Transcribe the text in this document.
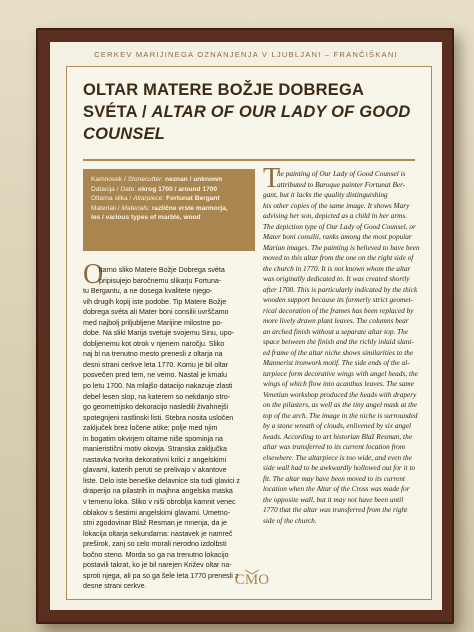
CERKEV MARIJINEGA OZNANJENJA V LJUBLJANI – FRANČIŠKANI
OLTAR MATERE BOŽJE DOBREGA
SVÉTA / ALTAR OF OUR LADY OF GOOD
COUNSEL
Kamnosek / Stonecutter: neznan / unknown
Datacija / Date: okrog 1700 / around 1700
Oltarna slika / Altarpiece: Fortunat Bergant
Materiali / Materials: različne vrste marmorja,
les / various types of marble, wood
O
ltarno sliko Matere Božje Dobrega svéta
pripisujejo baročnemu slikarju Fortuna-
tu Bergantu, a ne dosega kvalitete njego-
vih drugih kopij iste podobe. Tip Matere Božje
dobrega svéta ali Mater boni consilii uvrščamo
med najbolj priljubljene Marijine milostne po-
dobe. Na sliki Marija svetuje svojemu Sinu, upo-
dobljenemu kot otrok v njenem naročju. Sliko
naj bi na trenutno mesto prenesli z oltarja na
desni strani cerkve leta 1770. Komu je bil oltar
posvečen pred tem, ne vemo. Nastal je kmalu
po letu 1700. Na mlajšo datacijo nakazuje zlasti
debel lesen slop, na katerem so nekdanjo stro-
go geometrijsko dekoracijo nasledili živahnejši
spotegnjeni rastlinski listi. Stebra nosita usločen
zaključek brez ločene atike; polje med njim
in bogatim okvirjem oltarne niše spominja na
manieristični motiv okovja. Stranska zaključka
nastavka tvorita dekorativni krilci z angelskimi
glavami, katerih peruti se prelivajo v akantove
liste. Delo iste beneške delavnice sta tudi glavici z
draperijo na pilastrih in majhna angelska maska
v temenu loka. Sliko v niši obroblja kamnit venec
oblakov s šestimi angelskimi glavami. Umetno-
stni zgodovinar Blaž Resman je mnenja, da je
lokacija oltarja sekundarna: nastavek je namreč
preširok, zanj so celo morali nerodno izdolbsti
bočno steno. Morda so ga na trenutno lokacijo
postavili takrat, ko je bil narejen Križev oltar na-
sproti njega, ali pa so ga šele leta 1770 prenesli z
desne strani cerkve.
T
he painting of Our Lady of Good Counsel is
attributed to Baroque painter Fortunat Ber-
gant, but it lacks the quality distinguishing
his other copies of the same image. It shows Mary
advising her son, depicted as a child in her arms.
The depiction type of Our Lady of Good Counsel, or
Mater boni consilii, ranks among the most popular
Marian images. The painting is believed to have been
moved to this altar from the one on the right side of
the church in 1770. It is not known whom the altar
was originally dedicated to. It was created shortly
after 1700. This is particularly indicated by the thick
wooden support because its formerly strict geomet-
rical decoration of the frames has been replaced by
more lively drawn plant leaves. The columns bear
an arched finish without a separate altar top. The
space between the finish and the richly inlaid slant-
ed frame of the altar niche shows similarities to the
Mannerist ironwork motif. The side ends of the al-
tarpiece form decorative wings with angel heads, the
wings of which flow into acanthus leaves. The same
Venetian workshop produced the heads with drapery
on the pilasters, as well as the tiny angel mask at the
top of the arch. The image in the niche is surrounded
by a stone wreath of clouds, enlivened by six angel
heads. According to art historian Blaž Resman, the
altar was transferred to its current location from
elsewhere. The altarpiece is too wide, and even the
side wall had to be awkwardly hollowed out for it to
fit. The altar may have been moved to its current
location when the Altar of the Cross was made for
the opposite wall, but it may not have been until
1770 that the altar was transferred from the right
side of the church.
CMO
